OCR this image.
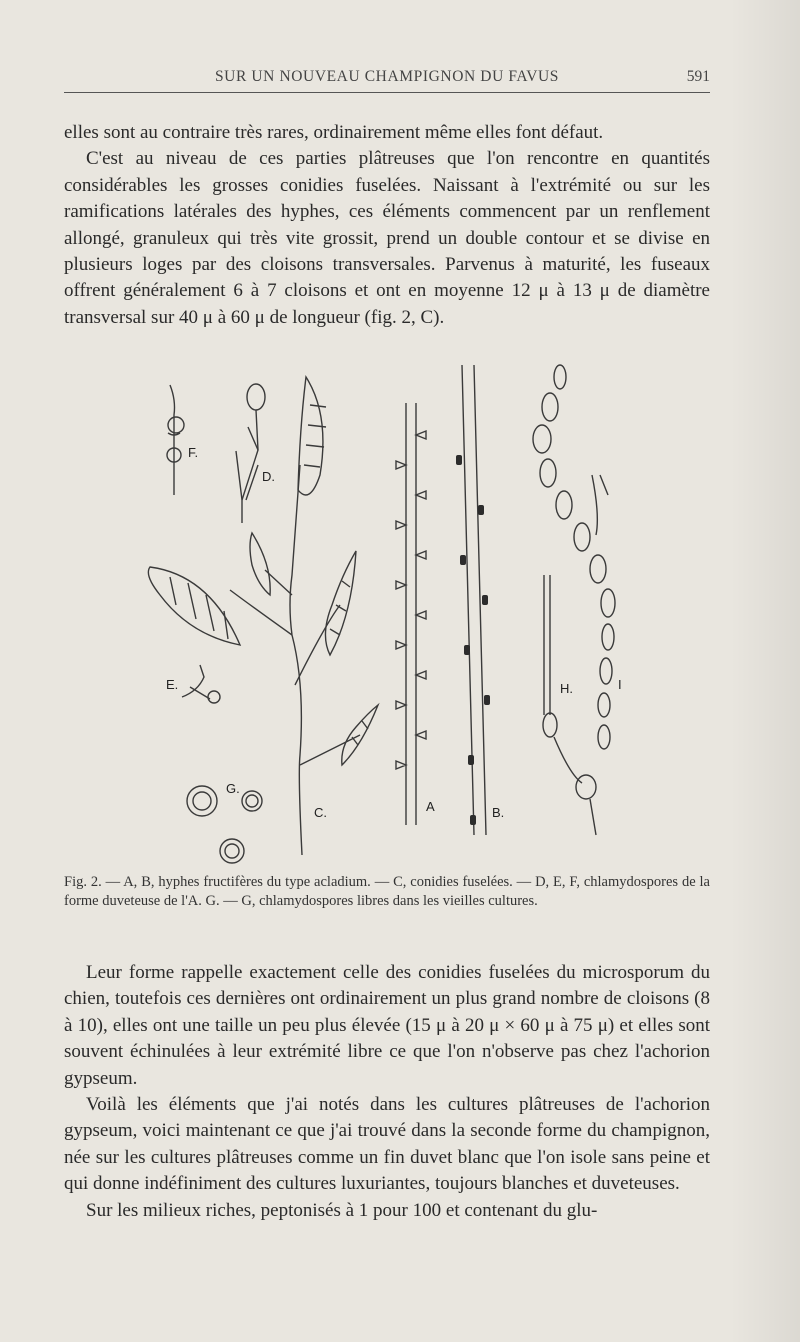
SUR UN NOUVEAU CHAMPIGNON DU FAVUS	591

elles sont au contraire très rares, ordinairement même elles font défaut.

C'est au niveau de ces parties plâtreuses que l'on rencontre en quantités considérables les grosses conidies fuselées. Naissant à l'extrémité ou sur les ramifications latérales des hyphes, ces éléments commencent par un renflement allongé, granuleux qui très vite grossit, prend un double contour et se divise en plusieurs loges par des cloisons transversales. Parvenus à maturité, les fuseaux offrent généralement 6 à 7 cloisons et ont en moyenne 12 μ à 13 μ de diamètre transversal sur 40 μ à 60 μ de longueur (fig. 2, C).

F.
D.
C.
E.
G.
A	B.
H.	I

Fig. 2. — A, B, hyphes fructifères du type acladium. — C, conidies fuselées. — D, E, F, chlamydospores de la forme duveteuse de l'A. G. — G, chlamydospores libres dans les vieilles cultures.

Leur forme rappelle exactement celle des conidies fuselées du microsporum du chien, toutefois ces dernières ont ordinairement un plus grand nombre de cloisons (8 à 10), elles ont une taille un peu plus élevée (15 μ à 20 μ × 60 μ à 75 μ) et elles sont souvent échinulées à leur extrémité libre ce que l'on n'observe pas chez l'achorion gypseum.

Voilà les éléments que j'ai notés dans les cultures plâtreuses de l'achorion gypseum, voici maintenant ce que j'ai trouvé dans la seconde forme du champignon, née sur les cultures plâtreuses comme un fin duvet blanc que l'on isole sans peine et qui donne indéfiniment des cultures luxuriantes, toujours blanches et duveteuses.

Sur les milieux riches, peptonisés à 1 pour 100 et contenant du glu-
